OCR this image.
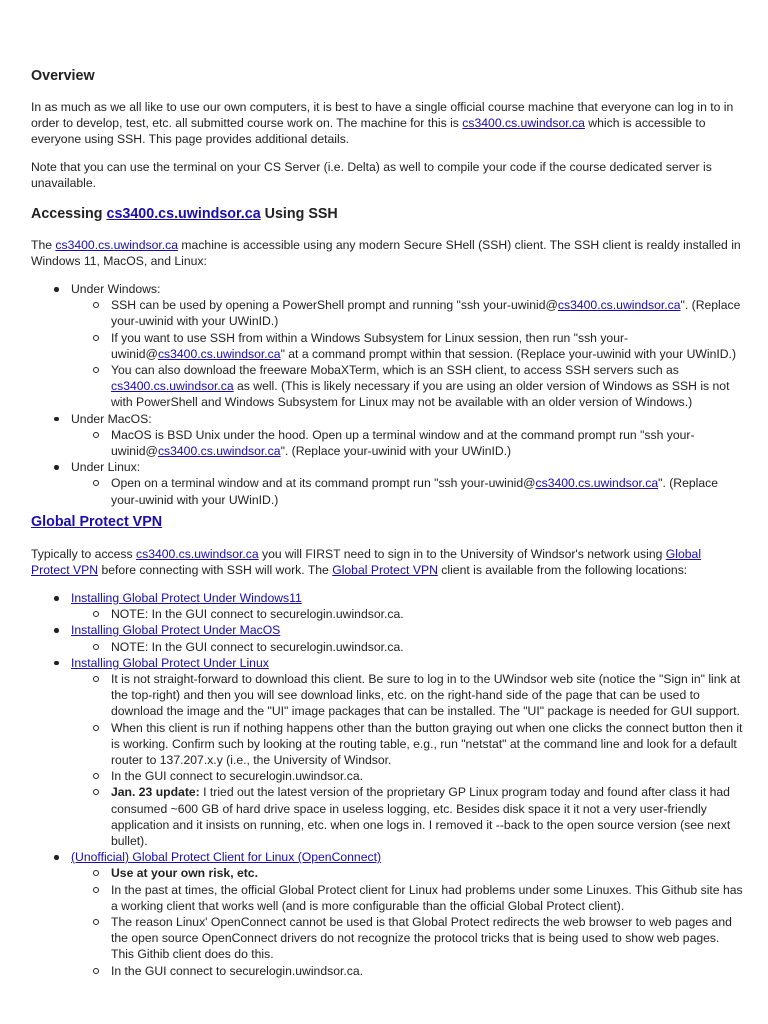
Overview

In as much as we all like to use our own computers, it is best to have a single official course machine that everyone can log in to in order to develop, test, etc. all submitted course work on. The machine for this is cs3400.cs.uwindsor.ca which is accessible to everyone using SSH. This page provides additional details.

Note that you can use the terminal on your CS Server (i.e. Delta) as well to compile your code if the course dedicated server is unavailable.

Accessing cs3400.cs.uwindsor.ca Using SSH

The cs3400.cs.uwindsor.ca machine is accessible using any modern Secure SHell (SSH) client. The SSH client is realdy installed in Windows 11, MacOS, and Linux:

Under Windows:
SSH can be used by opening a PowerShell prompt and running "ssh your-uwinid@cs3400.cs.uwindsor.ca". (Replace your-uwinid with your UWinID.)
If you want to use SSH from within a Windows Subsystem for Linux session, then run "ssh your-uwinid@cs3400.cs.uwindsor.ca" at a command prompt within that session. (Replace your-uwinid with your UWinID.)
You can also download the freeware MobaXTerm, which is an SSH client, to access SSH servers such as cs3400.cs.uwindsor.ca as well. (This is likely necessary if you are using an older version of Windows as SSH is not with PowerShell and Windows Subsystem for Linux may not be available with an older version of Windows.)
Under MacOS:
MacOS is BSD Unix under the hood. Open up a terminal window and at the command prompt run "ssh your-uwinid@cs3400.cs.uwindsor.ca". (Replace your-uwinid with your UWinID.)
Under Linux:
Open on a terminal window and at its command prompt run "ssh your-uwinid@cs3400.cs.uwindsor.ca". (Replace your-uwinid with your UWinID.)
Global Protect VPN

Typically to access cs3400.cs.uwindsor.ca you will FIRST need to sign in to the University of Windsor's network using Global Protect VPN before connecting with SSH will work. The Global Protect VPN client is available from the following locations:

Installing Global Protect Under Windows11
NOTE: In the GUI connect to securelogin.uwindsor.ca.
Installing Global Protect Under MacOS
NOTE: In the GUI connect to securelogin.uwindsor.ca.
Installing Global Protect Under Linux
It is not straight-forward to download this client. Be sure to log in to the UWindsor web site (notice the "Sign in" link at the top-right) and then you will see download links, etc. on the right-hand side of the page that can be used to download the image and the "UI" image packages that can be installed. The "UI" package is needed for GUI support.
When this client is run if nothing happens other than the button graying out when one clicks the connect button then it is working. Confirm such by looking at the routing table, e.g., run "netstat" at the command line and look for a default router to 137.207.x.y (i.e., the University of Windsor.
In the GUI connect to securelogin.uwindsor.ca.
Jan. 23 update: I tried out the latest version of the proprietary GP Linux program today and found after class it had consumed ~600 GB of hard drive space in useless logging, etc. Besides disk space it it not a very user-friendly application and it insists on running, etc. when one logs in. I removed it --back to the open source version (see next bullet).
(Unofficial) Global Protect Client for Linux (OpenConnect)
Use at your own risk, etc.
In the past at times, the official Global Protect client for Linux had problems under some Linuxes. This Github site has a working client that works well (and is more configurable than the official Global Protect client).
The reason Linux' OpenConnect cannot be used is that Global Protect redirects the web browser to web pages and the open source OpenConnect drivers do not recognize the protocol tricks that is being used to show web pages. This Githib client does do this.
In the GUI connect to securelogin.uwindsor.ca.
